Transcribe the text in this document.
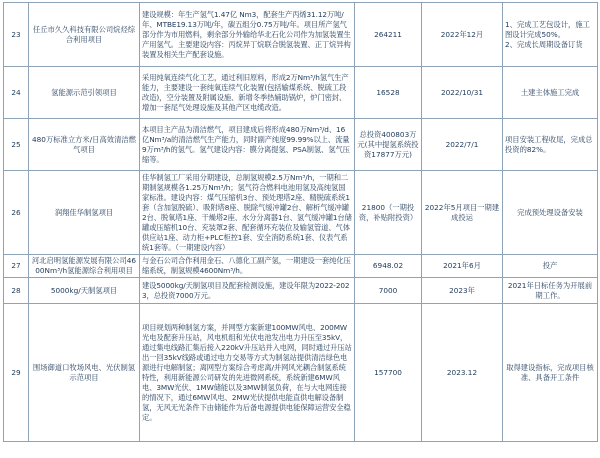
23	任丘市久久科技有限公司烷烃综合利用项目	建设规模：年生产氢气1.47亿 Nm3，配套生产丙烯31.12万吨/年、MTBE19.13万吨/年，碳五组分0.75万吨/年。项目所产氢气部分作为市用燃料，剩余部分外输给华北石化公司作为加氢装置生产用氢气。主要建设内容：丙烷异丁烷联合脱氢装置、正丁烷异构装置及相关生产配套设施。	264211	2022年12月	1、完成工艺包设计，施工图设计完成50%。
2、完成长周期设备订货

24	氢能源示范引领项目	采用纯氧连续气化工艺，通过利旧原料，形成2万Nm³/h氢气生产能力，主要建设一套纯氧连续气化装置(包括输煤系统、脱硫工段改造)，空分装置及附属设施、新增冬季热辅助锅炉，炉门密封、增加一套尾气处理设施及其他产区电缆改造。	16528	2022/10/31	土建主体施工完成

25	480万标准立方米/日高效清洁燃气项目	本项目主产品为清洁燃气，项目建成后将形成480万Nm³/d、16亿Nm³/a的清洁燃气生产能力，同时副产纯度99.99%以上、流量9万m³/h的氢气。氢气建设内容：膜分离提氢、PSA制氢、氢气压缩等。	总投资400803万元(其中提氢系统投资17877万元)	2022/7/1	项目安装工程收尾，完成总投资的82%。

26	润翔佳华制氢项目	佳华制氢工厂采用分期建设，总制氢规模2.5万Nm³/h，一期和二期制氢规模各1.25万Nm³/h；氢气符合燃料电池用氢及高纯氢国家标准。建设内容：煤气压缩机3台、预处理塔2座、精脱硫系统1套（含加氢脱硫）、吸附塔8座、脱除气缓冲罐2台、解析气缓冲罐2台、脱氧塔1座、干燥塔2座、水分分离器1台、氢气缓冲罐1台储罐或压缩机10台、充装罩2套、配套循环充装位及输氢管道、气体供应站1座、动力柜+PLC柜控1套、安全消防系统1套、仪表气系统1套等。（一期建设内容）	21800（一期投资，补贴附投资）	2022年5月项目一期建成投运	完成预处理设备安装

27	河北启明氢能源发展有限公司4600Nm³/h氢能源综合利用项目	与金石公司合作利用金石、八德化工副产氢，一期建设一套纯化压缩系统，制氢规模4600Nm³/h。	6948.02	2021年6月	投产

28	5000kg/天制氢项目	建设5000kg/天制氢项目及配套检测设施，建设年限为2022-2023，总投资7000万元。	7000	2023年	2021年日标任务为开展前期工作。

29	围场御道口牧场风电、光伏制氢示范项目	项目规划两种制氢方案，并网型方案新建100MW风电、200MW光电及配套升压站，风电机组和光伏电池发出电力升压至35kV，通过集电线路汇集后接入220kV升压站并入电网，同时通过升压站出一回35kV线路或通过电力交易等方式为制氢站提供清洁绿色电源进行电解制氢；离网型方案综合考虑离/并网风光耦合制氢系统特性，利用新能源公司研发的先进微网系统，系统新建6MW风电、3MW光伏、1MW储能以及3MW制氢负荷，在与大电网连接的情况下，通过6MW风电、2MW光伏提供电能直供电解设备制氢，无风无光条件下由储能作为后备电源提供电能保障运营安全稳定。	157700	2023.12	取得建设指标，完成项目核准、具备开工条件
